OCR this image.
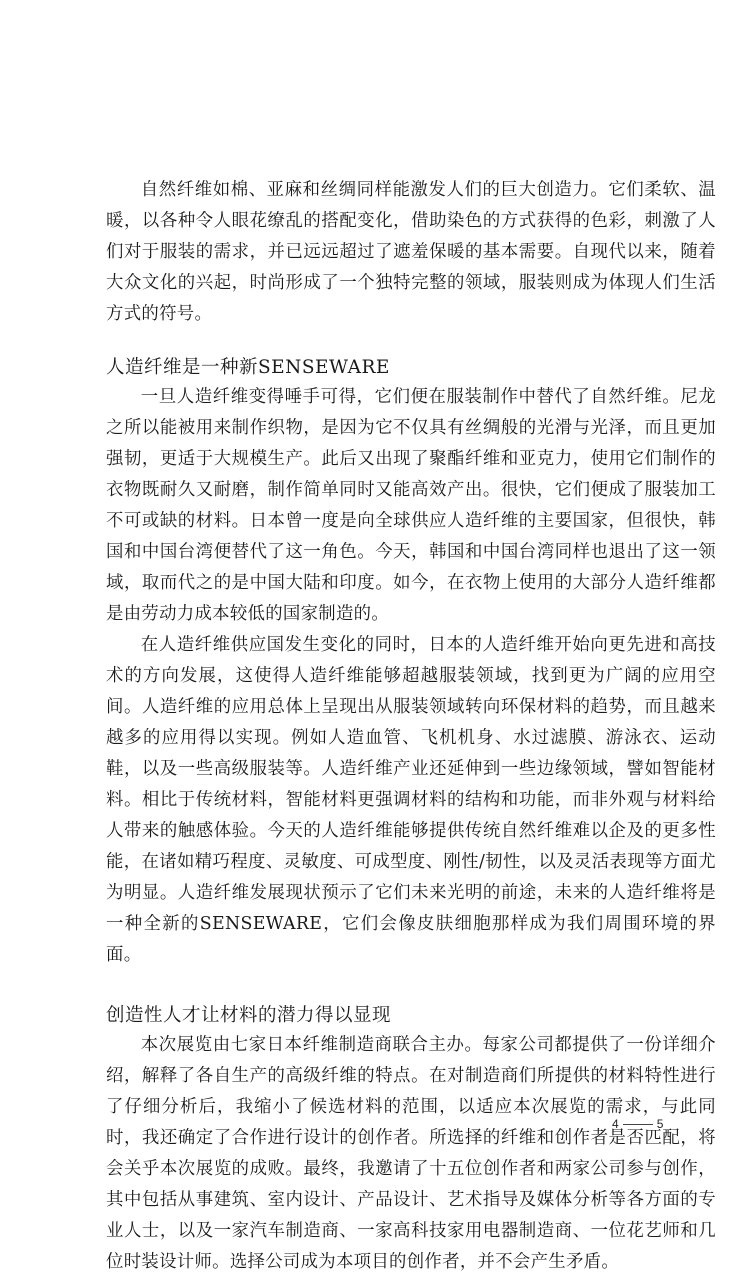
自然纤维如棉、亚麻和丝绸同样能激发人们的巨大创造力。它们柔软、温暖，以各种令人眼花缭乱的搭配变化，借助染色的方式获得的色彩，刺激了人们对于服装的需求，并已远远超过了遮羞保暖的基本需要。自现代以来，随着大众文化的兴起，时尚形成了一个独特完整的领域，服装则成为体现人们生活方式的符号。

人造纤维是一种新SENSEWARE

一旦人造纤维变得唾手可得，它们便在服装制作中替代了自然纤维。尼龙之所以能被用来制作织物，是因为它不仅具有丝绸般的光滑与光泽，而且更加强韧，更适于大规模生产。此后又出现了聚酯纤维和亚克力，使用它们制作的衣物既耐久又耐磨，制作简单同时又能高效产出。很快，它们便成了服装加工不可或缺的材料。日本曾一度是向全球供应人造纤维的主要国家，但很快，韩国和中国台湾便替代了这一角色。今天，韩国和中国台湾同样也退出了这一领域，取而代之的是中国大陆和印度。如今，在衣物上使用的大部分人造纤维都是由劳动力成本较低的国家制造的。

在人造纤维供应国发生变化的同时，日本的人造纤维开始向更先进和高技术的方向发展，这使得人造纤维能够超越服装领域，找到更为广阔的应用空间。人造纤维的应用总体上呈现出从服装领域转向环保材料的趋势，而且越来越多的应用得以实现。例如人造血管、飞机机身、水过滤膜、游泳衣、运动鞋，以及一些高级服装等。人造纤维产业还延伸到一些边缘领域，譬如智能材料。相比于传统材料，智能材料更强调材料的结构和功能，而非外观与材料给人带来的触感体验。今天的人造纤维能够提供传统自然纤维难以企及的更多性能，在诸如精巧程度、灵敏度、可成型度、刚性/韧性，以及灵活表现等方面尤为明显。人造纤维发展现状预示了它们未来光明的前途，未来的人造纤维将是一种全新的SENSEWARE，它们会像皮肤细胞那样成为我们周围环境的界面。

创造性人才让材料的潜力得以显现

本次展览由七家日本纤维制造商联合主办。每家公司都提供了一份详细介绍，解释了各自生产的高级纤维的特点。在对制造商们所提供的材料特性进行了仔细分析后，我缩小了候选材料的范围，以适应本次展览的需求，与此同时，我还确定了合作进行设计的创作者。所选择的纤维和创作者是否匹配，将会关乎本次展览的成败。最终，我邀请了十五位创作者和两家公司参与创作，其中包括从事建筑、室内设计、产品设计、艺术指导及媒体分析等各方面的专业人士，以及一家汽车制造商、一家高科技家用电器制造商、一位花艺师和几位时装设计师。选择公司成为本项目的创作者，并不会产生矛盾。

4	5
